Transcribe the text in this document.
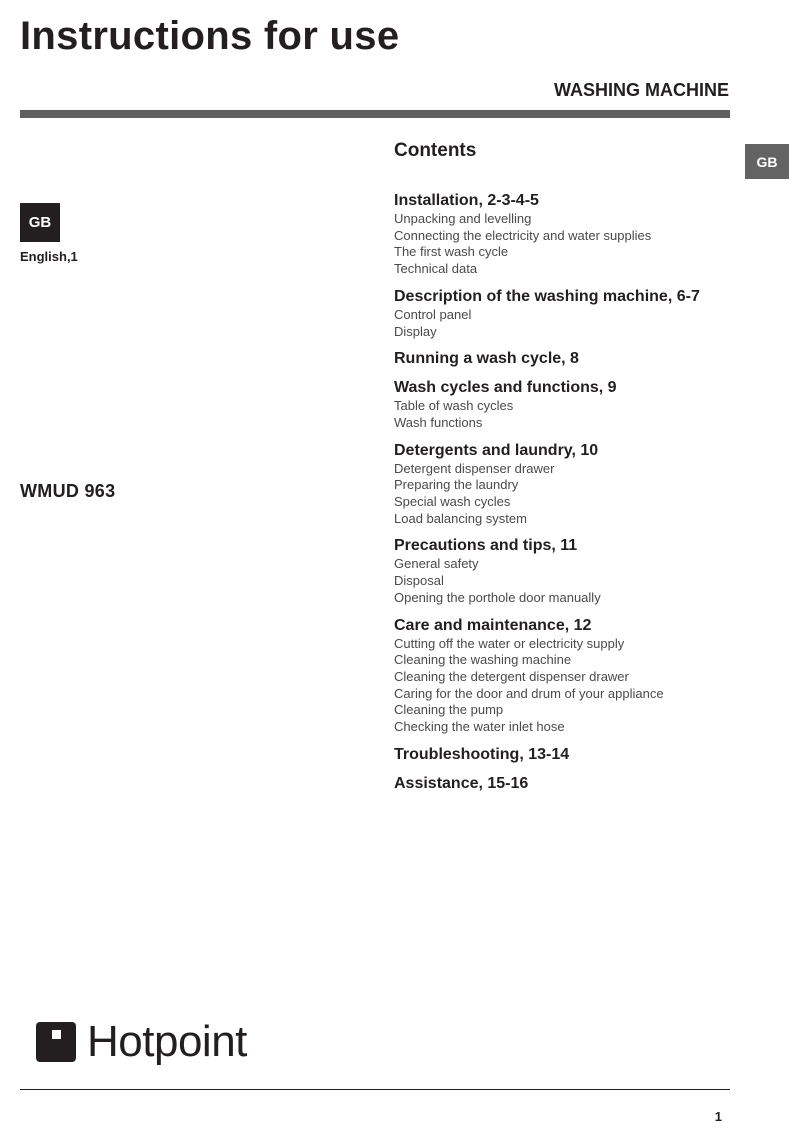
Instructions for use
WASHING MACHINE
GB
GB
English,1
WMUD 963
Contents
Installation, 2-3-4-5
Unpacking and levelling
Connecting the electricity and water supplies
The first wash cycle
Technical data
Description of the washing machine, 6-7
Control panel
Display
Running a wash cycle, 8
Wash cycles and functions, 9
Table of wash cycles
Wash functions
Detergents and laundry, 10
Detergent dispenser drawer
Preparing the laundry
Special wash cycles
Load balancing system
Precautions and tips, 11
General safety
Disposal
Opening the porthole door manually
Care and maintenance, 12
Cutting off the water or electricity supply
Cleaning the washing machine
Cleaning the detergent dispenser drawer
Caring for the door and drum of your appliance
Cleaning the pump
Checking the water inlet hose
Troubleshooting, 13-14
Assistance, 15-16
Hotpoint
1
